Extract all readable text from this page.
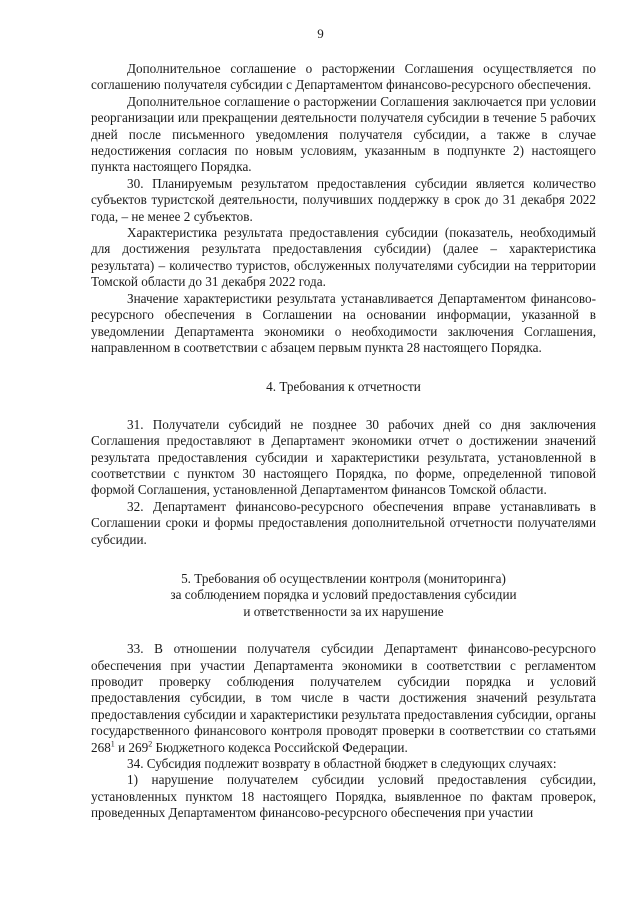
9

Дополнительное соглашение о расторжении Соглашения осуществляется по соглашению получателя субсидии с Департаментом финансово-ресурсного обеспечения.

Дополнительное соглашение о расторжении Соглашения заключается при условии реорганизации или прекращении деятельности получателя субсидии в течение 5 рабочих дней после письменного уведомления получателя субсидии, а также в случае недостижения согласия по новым условиям, указанным в подпункте 2) настоящего пункта настоящего Порядка.

30. Планируемым результатом предоставления субсидии является количество субъектов туристской деятельности, получивших поддержку в срок до 31 декабря 2022 года, – не менее 2 субъектов.

Характеристика результата предоставления субсидии (показатель, необходимый для достижения результата предоставления субсидии) (далее – характеристика результата) – количество туристов, обслуженных получателями субсидии на территории Томской области до 31 декабря 2022 года.

Значение характеристики результата устанавливается Департаментом финансово-ресурсного обеспечения в Соглашении на основании информации, указанной в уведомлении Департамента экономики о необходимости заключения Соглашения, направленном в соответствии с абзацем первым пункта 28 настоящего Порядка.

4. Требования к отчетности

31. Получатели субсидий не позднее 30 рабочих дней со дня заключения Соглашения предоставляют в Департамент экономики отчет о достижении значений результата предоставления субсидии и характеристики результата, установленной в соответствии с пунктом 30 настоящего Порядка, по форме, определенной типовой формой Соглашения, установленной Департаментом финансов Томской области.

32. Департамент финансово-ресурсного обеспечения вправе устанавливать в Соглашении сроки и формы предоставления дополнительной отчетности получателями субсидии.

5. Требования об осуществлении контроля (мониторинга)
за соблюдением порядка и условий предоставления субсидии
и ответственности за их нарушение

33. В отношении получателя субсидии Департамент финансово-ресурсного обеспечения при участии Департамента экономики в соответствии с регламентом проводит проверку соблюдения получателем субсидии порядка и условий предоставления субсидии, в том числе в части достижения значений результата предоставления субсидии и характеристики результата предоставления субсидии, органы государственного финансового контроля проводят проверки в соответствии со статьями $268^1$ и $269^2$ Бюджетного кодекса Российской Федерации.

34. Субсидия подлежит возврату в областной бюджет в следующих случаях:

1) нарушение получателем субсидии условий предоставления субсидии, установленных пунктом 18 настоящего Порядка, выявленное по фактам проверок, проведенных Департаментом финансово-ресурсного обеспечения при участии
